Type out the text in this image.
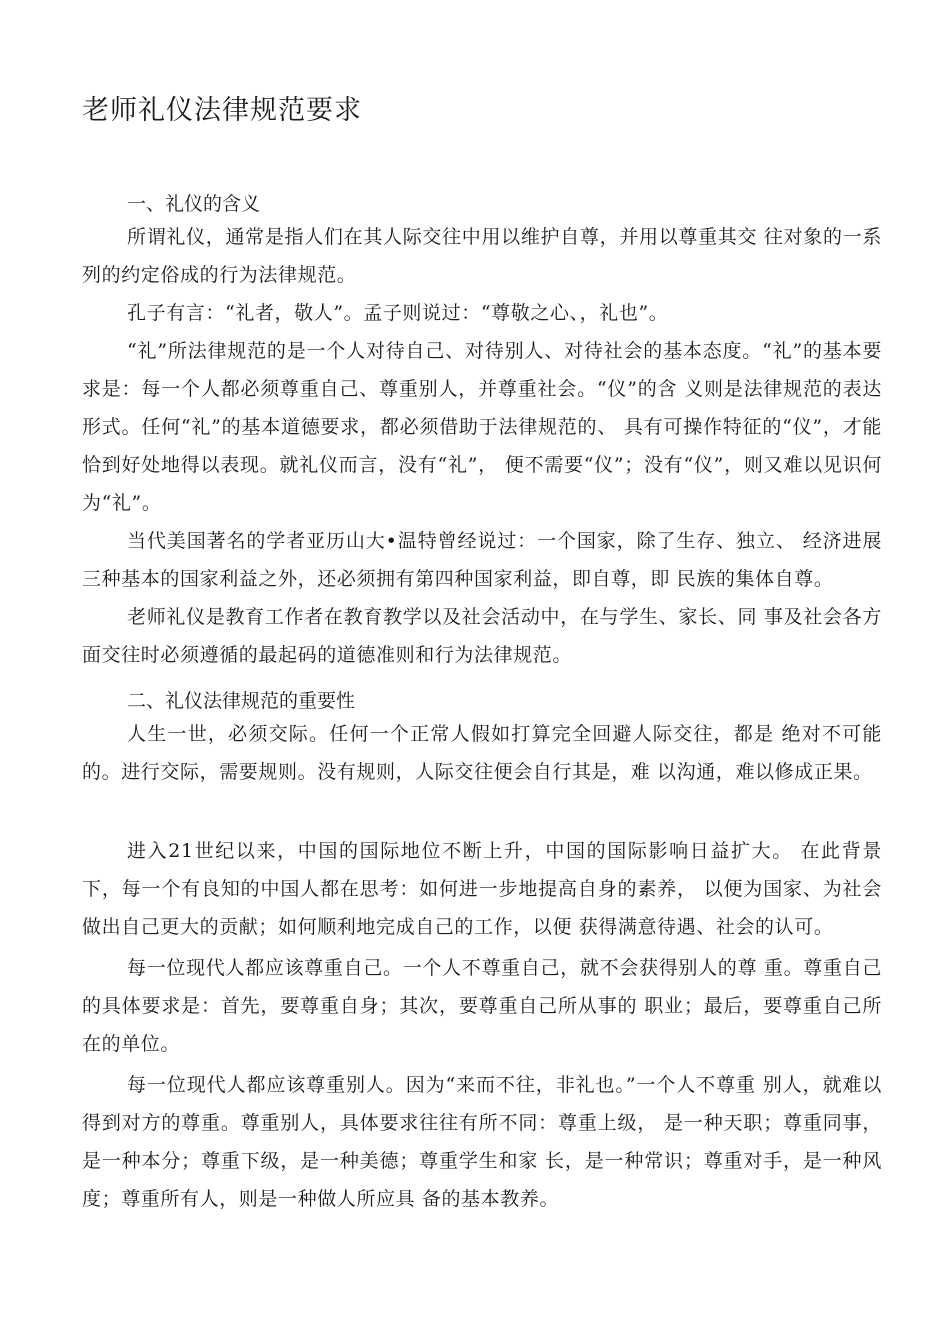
老师礼仪法律规范要求
一、礼仪的含义

所谓礼仪，通常是指人们在其人际交往中用以维护自尊，并用以尊重其交 往对象的一系列的约定俗成的行为法律规范。

孔子有言：“礼者，敬人”。孟子则说过：“尊敬之心、，礼也”。

“礼”所法律规范的是一个人对待自己、对待别人、对待社会的基本态度。“礼”的基本要求是：每一个人都必须尊重自己、尊重别人，并尊重社会。“仪”的含 义则是法律规范的表达形式。任何“礼”的基本道德要求，都必须借助于法律规范的、 具有可操作特征的“仪”，才能恰到好处地得以表现。就礼仪而言，没有“礼”， 便不需要“仪”；没有“仪”，则又难以见识何为“礼”。

当代美国著名的学者亚历山大•温特曾经说过：一个国家，除了生存、独立、 经济进展三种基本的国家利益之外，还必须拥有第四种国家利益，即自尊，即 民族的集体自尊。

老师礼仪是教育工作者在教育教学以及社会活动中，在与学生、家长、同 事及社会各方面交往时必须遵循的最起码的道德准则和行为法律规范。

二、礼仪法律规范的重要性

人生一世，必须交际。任何一个正常人假如打算完全回避人际交往，都是 绝对不可能的。进行交际，需要规则。没有规则，人际交往便会自行其是，难 以沟通，难以修成正果。

进入21世纪以来，中国的国际地位不断上升，中国的国际影响日益扩大。 在此背景下，每一个有良知的中国人都在思考：如何进一步地提高自身的素养， 以便为国家、为社会做出自己更大的贡献；如何顺利地完成自己的工作，以便 获得满意待遇、社会的认可。

每一位现代人都应该尊重自己。一个人不尊重自己，就不会获得别人的尊 重。尊重自己的具体要求是：首先，要尊重自身；其次，要尊重自己所从事的 职业；最后，要尊重自己所在的单位。

每一位现代人都应该尊重别人。因为“来而不往，非礼也。”一个人不尊重 别人，就难以得到对方的尊重。尊重别人，具体要求往往有所不同：尊重上级， 是一种天职；尊重同事，是一种本分；尊重下级，是一种美德；尊重学生和家 长，是一种常识；尊重对手，是一种风度；尊重所有人，则是一种做人所应具 备的基本教养。
